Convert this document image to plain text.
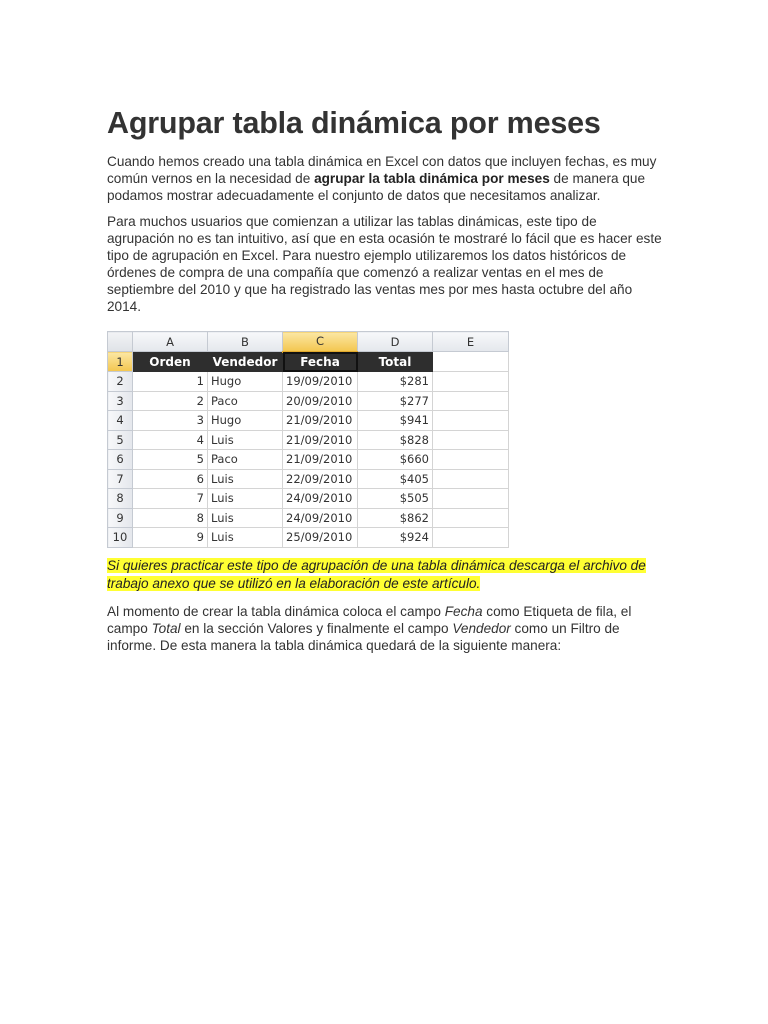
Agrupar tabla dinámica por meses

Cuando hemos creado una tabla dinámica en Excel con datos que incluyen fechas, es muy común vernos en la necesidad de agrupar la tabla dinámica por meses de manera que podamos mostrar adecuadamente el conjunto de datos que necesitamos analizar.

Para muchos usuarios que comienzan a utilizar las tablas dinámicas, este tipo de agrupación no es tan intuitivo, así que en esta ocasión te mostraré lo fácil que es hacer este tipo de agrupación en Excel. Para nuestro ejemplo utilizaremos los datos históricos de órdenes de compra de una compañía que comenzó a realizar ventas en el mes de septiembre del 2010 y que ha registrado las ventas mes por mes hasta octubre del año 2014.

	A	B	C	D	E
1	Orden	Vendedor	Fecha	Total	
2	1	Hugo	19/09/2010	$281	
3	2	Paco	20/09/2010	$277	
4	3	Hugo	21/09/2010	$941	
5	4	Luis	21/09/2010	$828	
6	5	Paco	21/09/2010	$660	
7	6	Luis	22/09/2010	$405	
8	7	Luis	24/09/2010	$505	
9	8	Luis	24/09/2010	$862	
10	9	Luis	25/09/2010	$924	

Si quieres practicar este tipo de agrupación de una tabla dinámica descarga el archivo de trabajo anexo que se utilizó en la elaboración de este artículo.

Al momento de crear la tabla dinámica coloca el campo Fecha como Etiqueta de fila, el campo Total en la sección Valores y finalmente el campo Vendedor como un Filtro de informe. De esta manera la tabla dinámica quedará de la siguiente manera:
